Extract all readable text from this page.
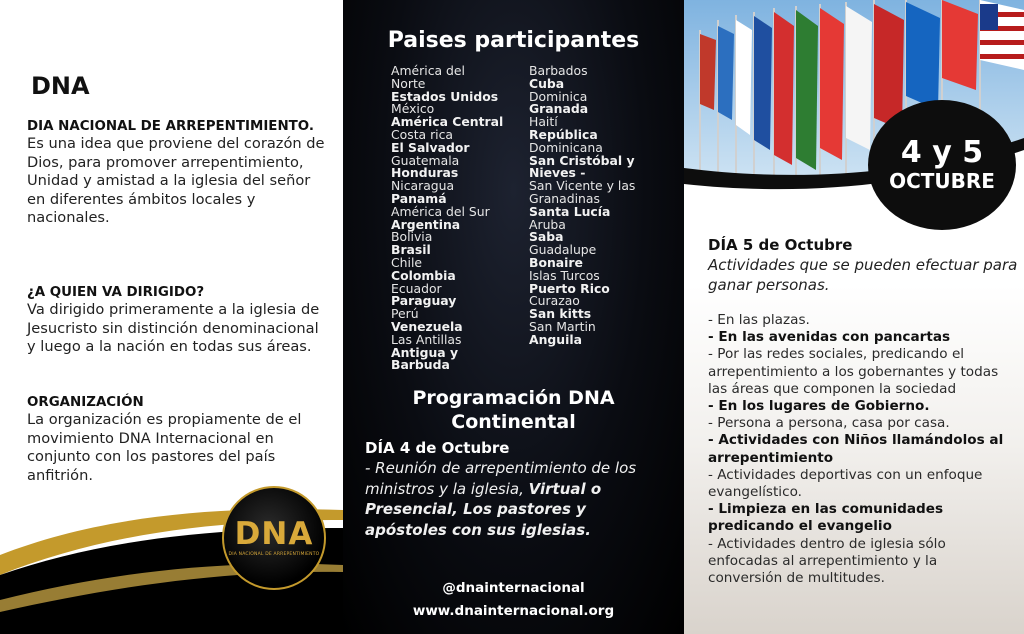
DNA
DIA NACIONAL DE ARREPENTIMIENTO.

Es una idea que proviene del corazón de Dios, para promover arrepentimiento, Unidad y amistad a la iglesia del señor en diferentes ámbitos locales y nacionales.

¿A QUIEN VA DIRIGIDO?

Va dirigido primeramente a la iglesia de Jesucristo sin distinción denominacional y luego a la nación en todas sus áreas.

ORGANIZACIÓN

La organización es propiamente de el movimiento DNA Internacional en conjunto con los pastores del país anfitrión.

DNA
DIA NACIONAL DE ARREPENTIMIENTO
Paises participantes
América del
Norte
Estados Unidos
México
América Central
Costa rica
El Salvador
Guatemala
Honduras
Nicaragua
Panamá
América del Sur
Argentina
Bolivia
Brasil
Chile
Colombia
Ecuador
Paraguay
Perú
Venezuela
Las Antillas
Antigua y
Barbuda
Barbados
Cuba
Dominica
Granada
Haití
República
Dominicana
San Cristóbal y
Nieves -
San Vicente y las
Granadinas
Santa Lucía
Aruba
Saba
Guadalupe
Bonaire
Islas Turcos
Puerto Rico
Curazao
San kitts
San Martin
Anguila
Programación DNA
Continental
DÍA 4 de Octubre
- Reunión de arrepentimiento de los ministros y la iglesia, Virtual o Presencial, Los pastores y apóstoles con sus iglesias.
@dnainternacional
www.dnainternacional.org
4 y 5
OCTUBRE
DÍA 5 de Octubre
Actividades que se pueden efectuar para ganar personas.
- En las plazas.
- En las avenidas con pancartas
- Por las redes sociales, predicando el arrepentimiento a los gobernantes y todas las áreas que componen la sociedad
- En los lugares de Gobierno.
- Persona a persona, casa por casa.
- Actividades con Niños llamándolos al arrepentimiento
- Actividades deportivas con un enfoque evangelístico.
- Limpieza en las comunidades predicando el evangelio
- Actividades dentro de iglesia sólo enfocadas al arrepentimiento y la conversión de multitudes.
